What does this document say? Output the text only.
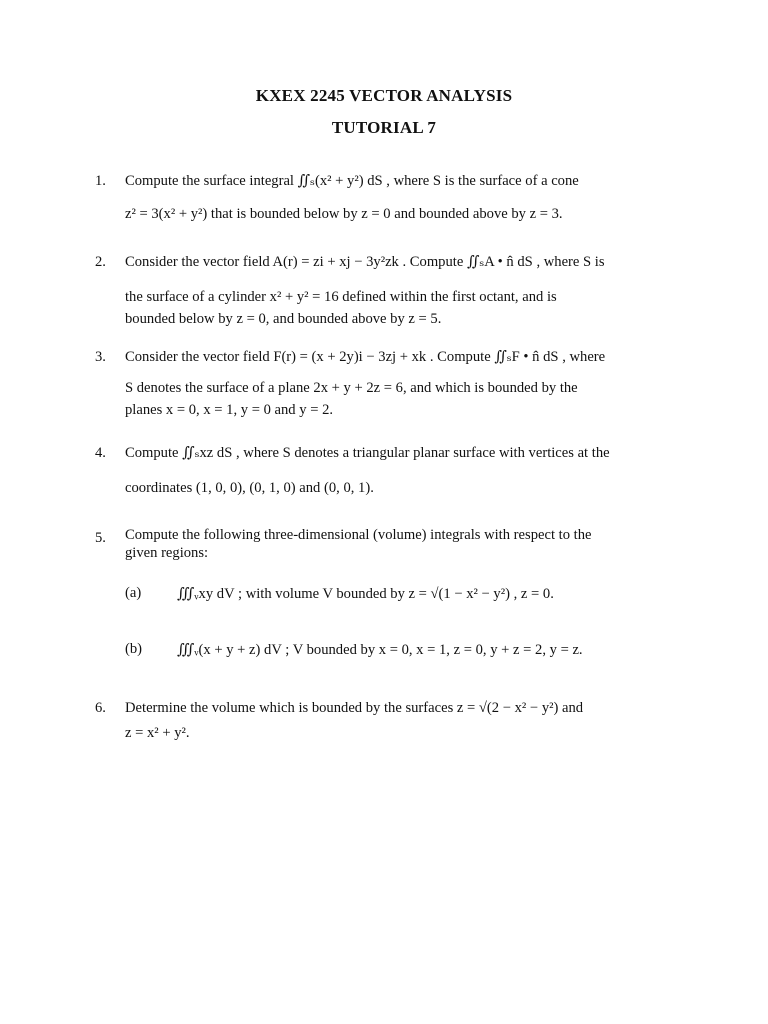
KXEX 2245 VECTOR ANALYSIS
TUTORIAL 7
1.	Compute the surface integral ∬ₛ(x² + y²) dS , where S is the surface of a cone
z² = 3(x² + y²) that is bounded below by z = 0 and bounded above by z = 3.
2.	Consider the vector field A(r) = zi + xj − 3y²zk . Compute ∬ₛA • n̂ dS , where S is
the surface of a cylinder x² + y² = 16 defined within the first octant, and is
bounded below by z = 0, and bounded above by z = 5.
3.	Consider the vector field F(r) = (x + 2y)i − 3zj + xk . Compute ∬ₛF • n̂ dS , where
S denotes the surface of a plane 2x + y + 2z = 6, and which is bounded by the
planes x = 0, x = 1, y = 0 and y = 2.
4.	Compute ∬ₛxz dS , where S denotes a triangular planar surface with vertices at the
coordinates (1, 0, 0), (0, 1, 0) and (0, 0, 1).
5.	Compute the following three-dimensional (volume) integrals with respect to the
given regions:
(a) ∭ᵥxy dV ; with volume V bounded by z = √(1 − x² − y²) , z = 0.
(b) ∭ᵥ(x + y + z) dV ; V bounded by x = 0, x = 1, z = 0, y + z = 2, y = z.
6.	Determine the volume which is bounded by the surfaces z = √(2 − x² − y²) and
z = x² + y².
